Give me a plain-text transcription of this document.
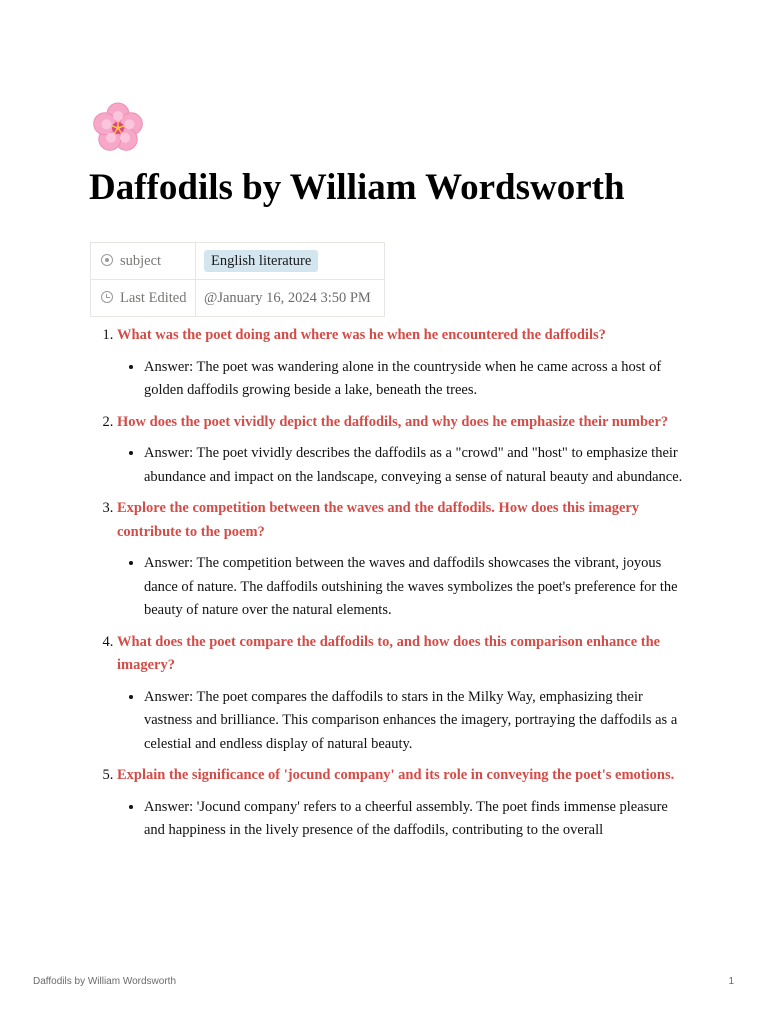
Daffodils by William Wordsworth
subject	English literature
Last Edited	@January 16, 2024 3:50 PM
1. What was the poet doing and where was he when he encountered the daffodils?
• Answer: The poet was wandering alone in the countryside when he came across a host of golden daffodils growing beside a lake, beneath the trees.
2. How does the poet vividly depict the daffodils, and why does he emphasize their number?
• Answer: The poet vividly describes the daffodils as a "crowd" and "host" to emphasize their abundance and impact on the landscape, conveying a sense of natural beauty and abundance.
3. Explore the competition between the waves and the daffodils. How does this imagery contribute to the poem?
• Answer: The competition between the waves and daffodils showcases the vibrant, joyous dance of nature. The daffodils outshining the waves symbolizes the poet's preference for the beauty of nature over the natural elements.
4. What does the poet compare the daffodils to, and how does this comparison enhance the imagery?
• Answer: The poet compares the daffodils to stars in the Milky Way, emphasizing their vastness and brilliance. This comparison enhances the imagery, portraying the daffodils as a celestial and endless display of natural beauty.
5. Explain the significance of 'jocund company' and its role in conveying the poet's emotions.
• Answer: 'Jocund company' refers to a cheerful assembly. The poet finds immense pleasure and happiness in the lively presence of the daffodils, contributing to the overall
Daffodils by William Wordsworth	1
